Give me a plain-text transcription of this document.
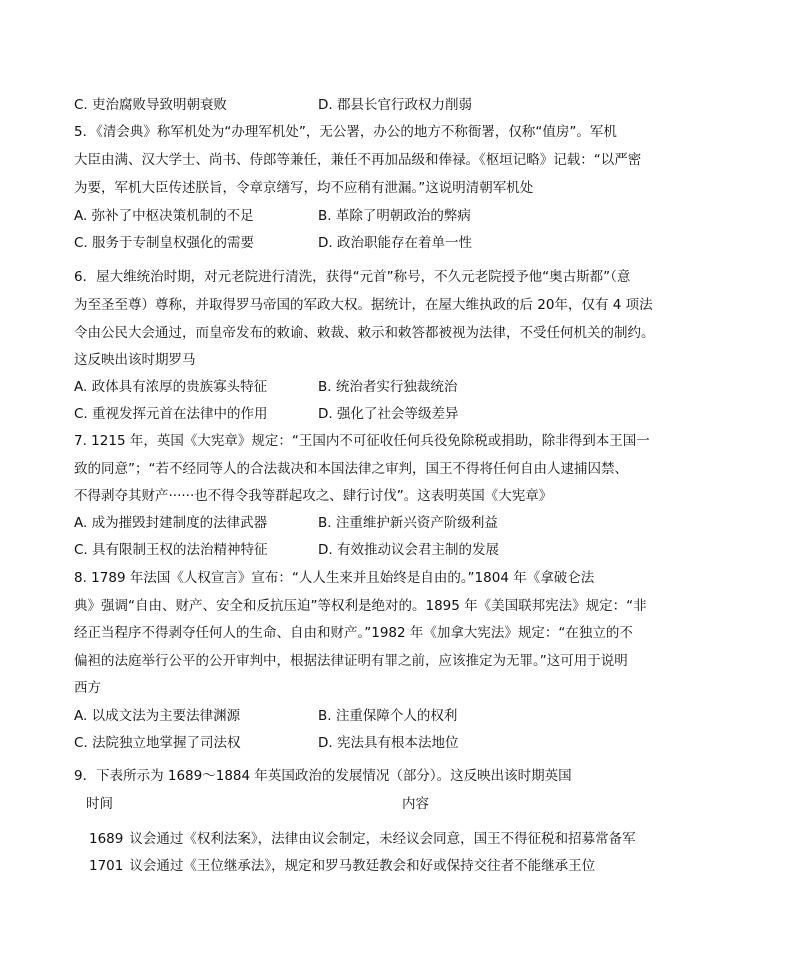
C. 吏治腐败导致明朝衰败	D. 郡县长官行政权力削弱
5．《清会典》称军机处为“办理军机处”，无公署，办公的地方不称衙署，仅称“值房”。军机
大臣由满、汉大学士、尚书、侍郎等兼任，兼任不再加品级和俸禄。《枢垣记略》记载：“以严密
为要，军机大臣传述朕旨，令章京缮写，均不应稍有泄漏。”这说明清朝军机处
A. 弥补了中枢决策机制的不足	B. 革除了明朝政治的弊病
C. 服务于专制皇权强化的需要	D. 政治职能存在着单一性
6．屋大维统治时期，对元老院进行清洗，获得“元首”称号，不久元老院授予他“奥古斯都”（意
为至圣至尊）尊称，并取得罗马帝国的军政大权。据统计，在屋大维执政的后 20年，仅有 4 项法
令由公民大会通过，而皇帝发布的敕谕、敕裁、敕示和敕答都被视为法律，不受任何机关的制约。
这反映出该时期罗马
A. 政体具有浓厚的贵族寡头特征	B. 统治者实行独裁统治
C. 重视发挥元首在法律中的作用	D. 强化了社会等级差异
7. 1215 年，英国《大宪章》规定：“王国内不可征收任何兵役免除税或捐助，除非得到本王国一
致的同意”；“若不经同等人的合法裁决和本国法律之审判，国王不得将任何自由人逮捕囚禁、
不得剥夺其财产······也不得令我等群起攻之、肆行讨伐”。这表明英国《大宪章》
A. 成为摧毁封建制度的法律武器	B. 注重维护新兴资产阶级利益
C. 具有限制王权的法治精神特征	D. 有效推动议会君主制的发展
8. 1789 年法国《人权宣言》宣布：“人人生来并且始终是自由的。”1804 年《拿破仑法
典》强调“自由、财产、安全和反抗压迫”等权利是绝对的。1895 年《美国联邦宪法》规定：“非
经正当程序不得剥夺任何人的生命、自由和财产。”1982 年《加拿大宪法》规定：“在独立的不
偏袒的法庭举行公平的公开审判中，根据法律证明有罪之前，应该推定为无罪。”这可用于说明
西方
A. 以成文法为主要法律渊源	B. 注重保障个人的权利
C. 法院独立地掌握了司法权	D. 宪法具有根本法地位
9．下表所示为 1689～1884 年英国政治的发展情况（部分）。这反映出该时期英国
时间	内容
1689 议会通过《权利法案》，法律由议会制定，未经议会同意，国王不得征税和招募常备军
1701 议会通过《王位继承法》，规定和罗马教廷教会和好或保持交往者不能继承王位
